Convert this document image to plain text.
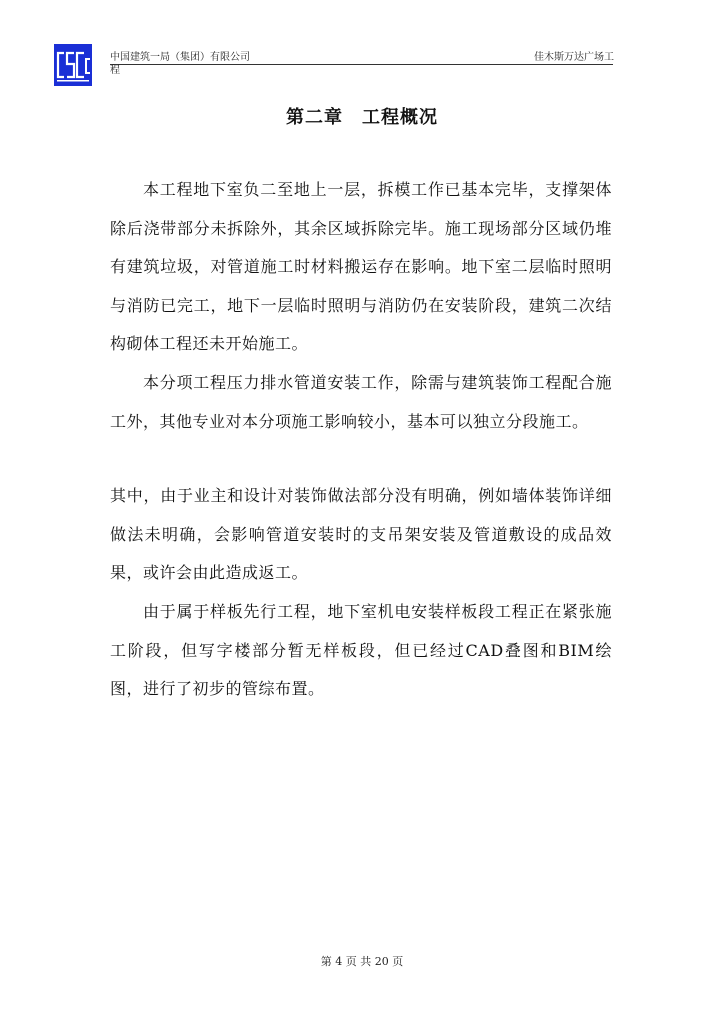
中国建筑一局（集团）有限公司
程
佳木斯万达广场工
第二章　工程概况

本工程地下室负二至地上一层，拆模工作已基本完毕，支撑架体除后浇带部分未拆除外，其余区域拆除完毕。施工现场部分区域仍堆有建筑垃圾，对管道施工时材料搬运存在影响。地下室二层临时照明与消防已完工，地下一层临时照明与消防仍在安装阶段，建筑二次结构砌体工程还未开始施工。

本分项工程压力排水管道安装工作，除需与建筑装饰工程配合施工外，其他专业对本分项施工影响较小，基本可以独立分段施工。

其中，由于业主和设计对装饰做法部分没有明确，例如墙体装饰详细做法未明确，会影响管道安装时的支吊架安装及管道敷设的成品效果，或许会由此造成返工。

由于属于样板先行工程，地下室机电安装样板段工程正在紧张施工阶段，但写字楼部分暂无样板段，但已经过CAD叠图和BIM绘图，进行了初步的管综布置。

第 4 页 共 20 页
